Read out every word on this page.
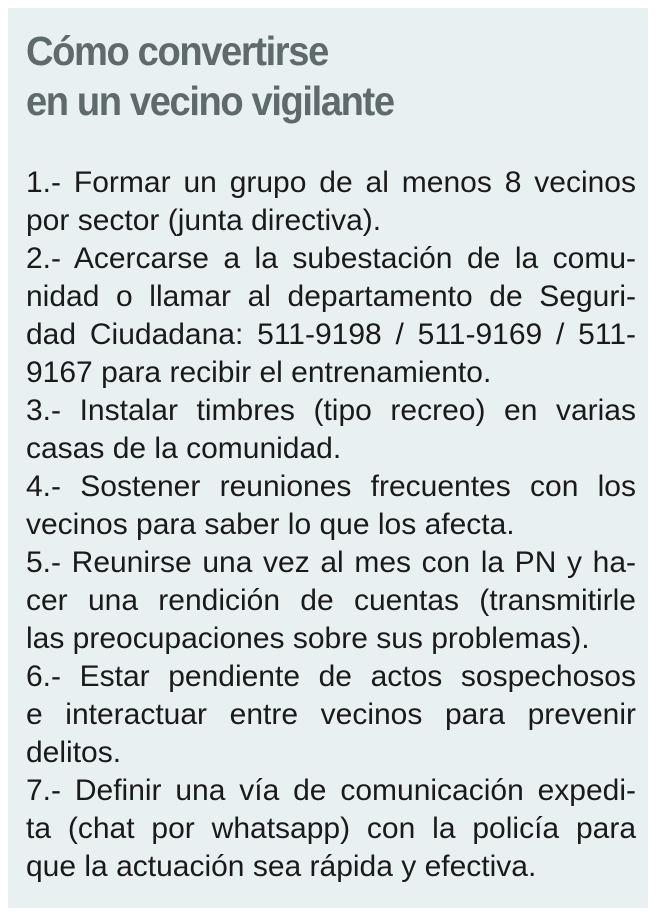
Cómo convertirse
en un vecino vigilante
1.- Formar un grupo de al menos 8 vecinos
por sector (junta directiva).
2.- Acercarse a la subestación de la comu-
nidad o llamar al departamento de Seguri-
dad Ciudadana: 511-9198 / 511-9169 / 511-
9167 para recibir el entrenamiento.
3.- Instalar timbres (tipo recreo) en varias
casas de la comunidad.
4.- Sostener reuniones frecuentes con los
vecinos para saber lo que los afecta.
5.- Reunirse una vez al mes con la PN y ha-
cer una rendición de cuentas (transmitirle
las preocupaciones sobre sus problemas).
6.- Estar pendiente de actos sospechosos
e interactuar entre vecinos para prevenir
delitos.
7.- Definir una vía de comunicación expedi-
ta (chat por whatsapp) con la policía para
que la actuación sea rápida y efectiva.
